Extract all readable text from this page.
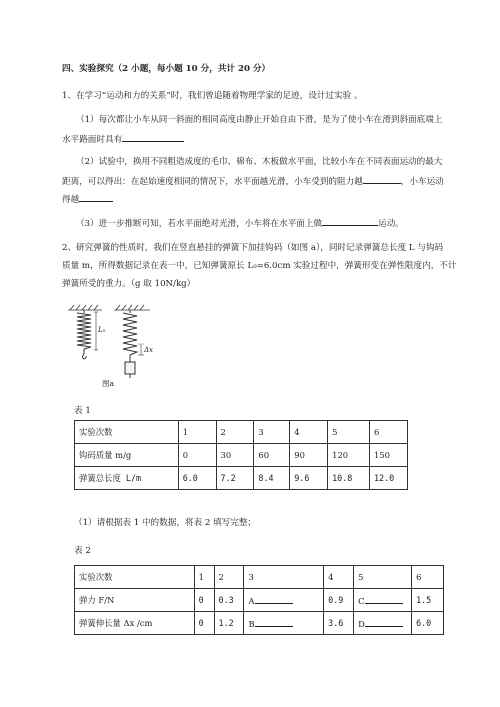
四、实验探究（2 小题，每小题 10 分，共计 20 分）
1、在学习“运动和力的关系”时，我们曾追随着物理学家的足迹，设计过实验 。
（1）每次都让小车从同一斜面的相同高度由静止开始自由下滑，是为了使小车在滑到斜面底端上
水平路面时具有
（2）试验中，换用不同粗造成度的毛巾、棉布、木板做水平面，比较小车在不同表面运动的最大
距离，可以得出：在起始速度相同的情况下，水平面越光滑，小车受到的阻力越	，小车运动
得越
（3）进一步推断可知，若水平面绝对光滑，小车将在水平面上做	运动。
2、研究弹簧的性质时，我们在竖直悬挂的弹簧下加挂钩码（如图 a），同时记录弹簧总长度 L 与钩码
质量 m，所得数据记录在表一中，已知弹簧原长 L₀=6.0cm 实验过程中，弹簧形变在弹性限度内，不计
弹簧所受的重力。（g 取 10N/kg）
L₀
Δx
图a
表 1
实验次数	1	2	3	4	5	6
钩码质量 m/g	0	30	60	90	120	150
弹簧总长度 L/m	6.0	7.2	8.4	9.6	10.8	12.0
（1）请根据表 1 中的数据，将表 2 填写完整；
表 2
实验次数	1	2	3	4	5	6
弹力 F/N	0	0.3	A	0.9	C	1.5
弹簧伸长量 Δx /cm	0	1.2	B	3.6	D	6.0
